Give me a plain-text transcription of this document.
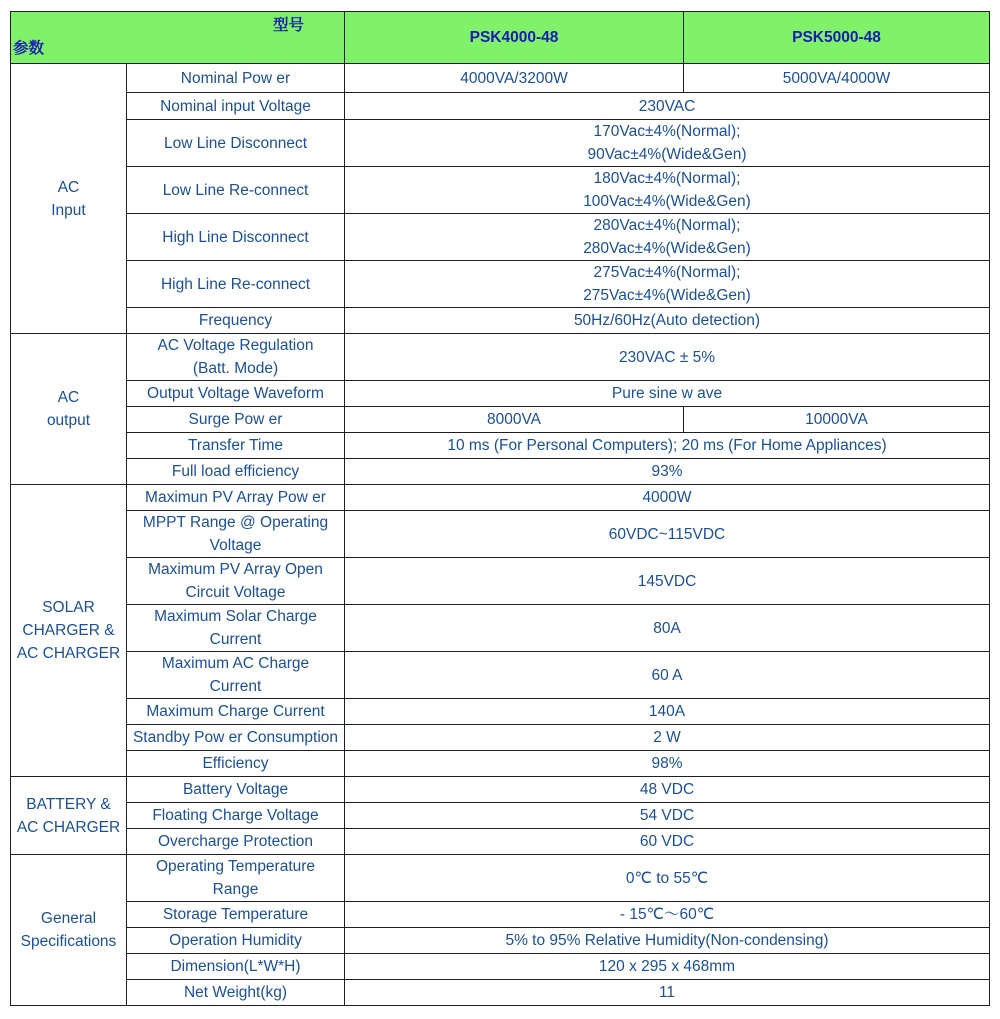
型号
参数		PSK4000-48	PSK5000-48
AC
Input	Nominal Pow er	4000VA/3200W	5000VA/4000W
	Nominal input Voltage	230VAC	
	Low Line Disconnect	170Vac±4%(Normal);
90Vac±4%(Wide&Gen)	
	Low Line Re-connect	180Vac±4%(Normal);
100Vac±4%(Wide&Gen)	
	High Line Disconnect	280Vac±4%(Normal);
280Vac±4%(Wide&Gen)	
	High Line Re-connect	275Vac±4%(Normal);
275Vac±4%(Wide&Gen)	
	Frequency	50Hz/60Hz(Auto detection)	
AC
output	AC Voltage Regulation
(Batt. Mode)	230VAC ± 5%	
	Output Voltage Waveform	Pure sine w ave	
	Surge Pow er	8000VA	10000VA
	Transfer Time	10 ms (For Personal Computers); 20 ms (For Home Appliances)	
	Full load efficiency	93%	
SOLAR
CHARGER &
AC CHARGER	Maximun PV Array Pow er	4000W	
	MPPT Range @ Operating
Voltage	60VDC~115VDC	
	Maximum PV Array Open
Circuit Voltage	145VDC	
	Maximum Solar Charge
Current	80A	
	Maximum AC Charge
Current	60 A	
	Maximum Charge Current	140A	
	Standby Pow er Consumption	2 W	
	Efficiency	98%	
BATTERY &
AC CHARGER	Battery Voltage	48 VDC	
	Floating Charge Voltage	54 VDC	
	Overcharge Protection	60 VDC	
General
Specifications	Operating Temperature
Range	0℃ to 55℃	
	Storage Temperature	- 15℃～60℃	
	Operation Humidity	5% to 95% Relative Humidity(Non-condensing)	
	Dimension(L*W*H)	120 x 295 x 468mm	
	Net Weight(kg)	11	
